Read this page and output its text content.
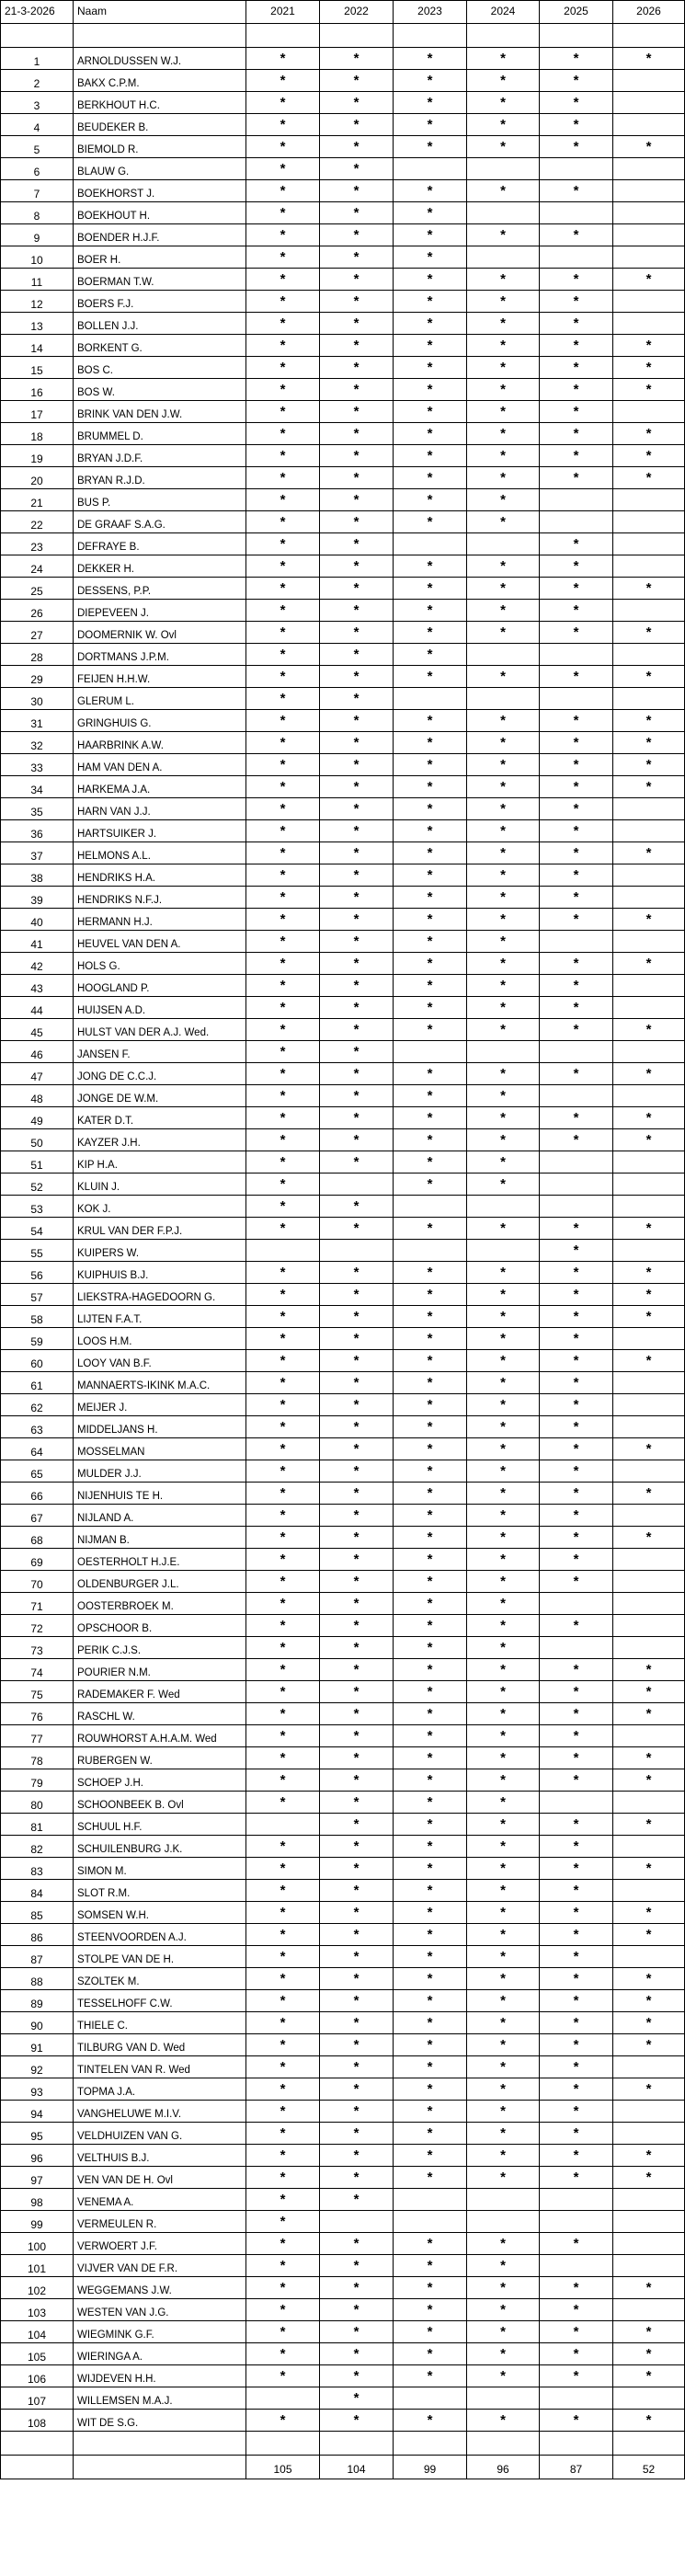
21-3-2026	Naam	2021	2022	2023	2024	2025	2026

1	ARNOLDUSSEN W.J.	*	*	*	*	*	*
2	BAKX C.P.M.	*	*	*	*	*	
3	BERKHOUT H.C.	*	*	*	*	*	
4	BEUDEKER B.	*	*	*	*	*	
5	BIEMOLD R.	*	*	*	*	*	*
6	BLAUW G.	*	*				
7	BOEKHORST J.	*	*	*	*	*	
8	BOEKHOUT H.	*	*	*			
9	BOENDER H.J.F.	*	*	*	*	*	
10	BOER H.	*	*	*			
11	BOERMAN T.W.	*	*	*	*	*	*
12	BOERS F.J.	*	*	*	*	*	
13	BOLLEN J.J.	*	*	*	*	*	
14	BORKENT G.	*	*	*	*	*	*
15	BOS C.	*	*	*	*	*	*
16	BOS W.	*	*	*	*	*	*
17	BRINK VAN DEN J.W.	*	*	*	*	*	
18	BRUMMEL D.	*	*	*	*	*	*
19	BRYAN J.D.F.	*	*	*	*	*	*
20	BRYAN R.J.D.	*	*	*	*	*	*
21	BUS P.	*	*	*	*		
22	DE GRAAF S.A.G.	*	*	*	*		
23	DEFRAYE B.	*	*			*	
24	DEKKER H.	*	*	*	*	*	
25	DESSENS, P.P.	*	*	*	*	*	*
26	DIEPEVEEN J.	*	*	*	*	*	
27	DOOMERNIK W. Ovl	*	*	*	*	*	*
28	DORTMANS J.P.M.	*	*	*			
29	FEIJEN H.H.W.	*	*	*	*	*	*
30	GLERUM L.	*	*				
31	GRINGHUIS G.	*	*	*	*	*	*
32	HAARBRINK A.W.	*	*	*	*	*	*
33	HAM VAN DEN A.	*	*	*	*	*	*
34	HARKEMA J.A.	*	*	*	*	*	*
35	HARN VAN J.J.	*	*	*	*	*	
36	HARTSUIKER J.	*	*	*	*	*	
37	HELMONS A.L.	*	*	*	*	*	*
38	HENDRIKS H.A.	*	*	*	*	*	
39	HENDRIKS N.F.J.	*	*	*	*	*	
40	HERMANN H.J.	*	*	*	*	*	*
41	HEUVEL VAN DEN A.	*	*	*	*		
42	HOLS G.	*	*	*	*	*	*
43	HOOGLAND P.	*	*	*	*	*	
44	HUIJSEN A.D.	*	*	*	*	*	
45	HULST VAN DER A.J. Wed.	*	*	*	*	*	*
46	JANSEN F.	*	*				
47	JONG DE C.C.J.	*	*	*	*	*	*
48	JONGE DE W.M.	*	*	*	*		
49	KATER D.T.	*	*	*	*	*	*
50	KAYZER J.H.	*	*	*	*	*	*
51	KIP H.A.	*	*	*	*		
52	KLUIN J.	*		*	*		
53	KOK J.	*	*				
54	KRUL VAN DER F.P.J.	*	*	*	*	*	*
55	KUIPERS W.					*	
56	KUIPHUIS B.J.	*	*	*	*	*	*
57	LIEKSTRA-HAGEDOORN G.	*	*	*	*	*	*
58	LIJTEN F.A.T.	*	*	*	*	*	*
59	LOOS H.M.	*	*	*	*	*	
60	LOOY VAN B.F.	*	*	*	*	*	*
61	MANNAERTS-IKINK M.A.C.	*	*	*	*	*	
62	MEIJER J.	*	*	*	*	*	
63	MIDDELJANS H.	*	*	*	*	*	
64	MOSSELMAN	*	*	*	*	*	*
65	MULDER J.J.	*	*	*	*	*	
66	NIJENHUIS TE H.	*	*	*	*	*	*
67	NIJLAND A.	*	*	*	*	*	
68	NIJMAN B.	*	*	*	*	*	*
69	OESTERHOLT H.J.E.	*	*	*	*	*	
70	OLDENBURGER J.L.	*	*	*	*	*	
71	OOSTERBROEK M.	*	*	*	*		
72	OPSCHOOR B.	*	*	*	*	*	
73	PERIK C.J.S.	*	*	*	*		
74	POURIER N.M.	*	*	*	*	*	*
75	RADEMAKER F. Wed	*	*	*	*	*	*
76	RASCHL W.	*	*	*	*	*	*
77	ROUWHORST A.H.A.M. Wed	*	*	*	*	*	
78	RUBERGEN W.	*	*	*	*	*	*
79	SCHOEP J.H.	*	*	*	*	*	*
80	SCHOONBEEK B. Ovl	*	*	*	*		
81	SCHUUL H.F.		*	*	*	*	*
82	SCHUILENBURG J.K.	*	*	*	*	*	
83	SIMON M.	*	*	*	*	*	*
84	SLOT R.M.	*	*	*	*	*	
85	SOMSEN W.H.	*	*	*	*	*	*
86	STEENVOORDEN A.J.	*	*	*	*	*	*
87	STOLPE VAN DE H.	*	*	*	*	*	
88	SZOLTEK M.	*	*	*	*	*	*
89	TESSELHOFF C.W.	*	*	*	*	*	*
90	THIELE C.	*	*	*	*	*	*
91	TILBURG VAN D. Wed	*	*	*	*	*	*
92	TINTELEN VAN R. Wed	*	*	*	*	*	
93	TOPMA J.A.	*	*	*	*	*	*
94	VANGHELUWE M.I.V.	*	*	*	*	*	
95	VELDHUIZEN VAN G.	*	*	*	*	*	
96	VELTHUIS B.J.	*	*	*	*	*	*
97	VEN VAN DE H. Ovl	*	*	*	*	*	*
98	VENEMA A.	*	*				
99	VERMEULEN R.	*					
100	VERWOERT J.F.	*	*	*	*	*	
101	VIJVER VAN DE F.R.	*	*	*	*		
102	WEGGEMANS J.W.	*	*	*	*	*	*
103	WESTEN VAN J.G.	*	*	*	*	*	
104	WIEGMINK G.F.	*	*	*	*	*	*
105	WIERINGA A.	*	*	*	*	*	*
106	WIJDEVEN H.H.	*	*	*	*	*	*
107	WILLEMSEN M.A.J.		*				
108	WIT DE S.G.	*	*	*	*	*	*

		105	104	99	96	87	52
